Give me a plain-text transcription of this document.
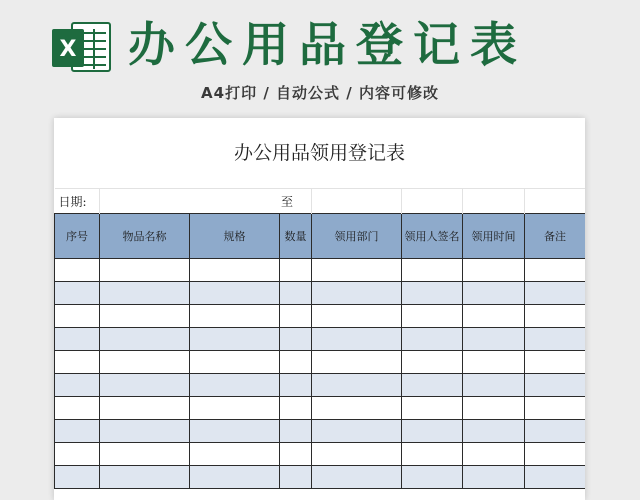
X 办公用品登记表
A4打印 / 自动公式 / 内容可修改
办公用品领用登记表
日期:	至						
序号	物品名称	规格	数量	领用部门	领用人签名	领用时间	备注
